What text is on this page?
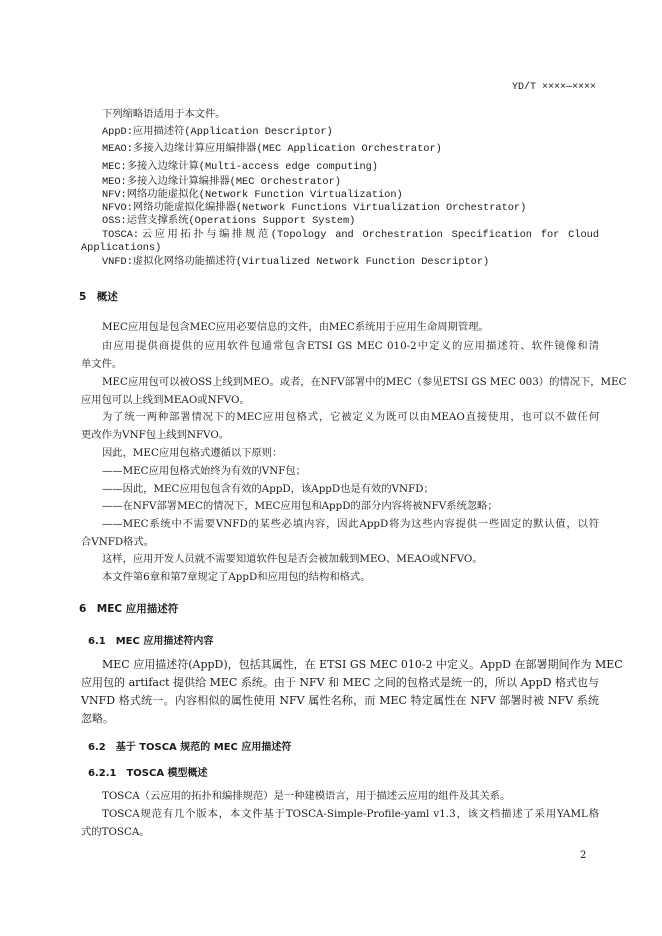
YD/T ××××—××××
下列缩略语适用于本文件。
AppD:应用描述符(Application Descriptor)
MEAO:多接入边缘计算应用编排器(MEC Application Orchestrator)
MEC:多接入边缘计算(Multi-access edge computing)
MEO:多接入边缘计算编排器(MEC Orchestrator)
NFV:网络功能虚拟化(Network Function Virtualization)
NFVO:网络功能虚拟化编排器(Network Functions Virtualization Orchestrator)
OSS:运营支撑系统(Operations Support System)
TOSCA:云应用拓扑与编排规范(Topology and Orchestration Specification for Cloud
Applications)
VNFD:虚拟化网络功能描述符(Virtualized Network Function Descriptor)
5　概述
MEC应用包是包含MEC应用必要信息的文件，由MEC系统用于应用生命周期管理。
由应用提供商提供的应用软件包通常包含ETSI GS MEC 010-2中定义的应用描述符、软件镜像和清
单文件。
MEC应用包可以被OSS上线到MEO。或者，在NFV部署中的MEC（参见ETSI GS MEC 003）的情况下，MEC
应用包可以上线到MEAO或NFVO。
为了统一两种部署情况下的MEC应用包格式，它被定义为既可以由MEAO直接使用，也可以不做任何
更改作为VNF包上线到NFVO。
因此，MEC应用包格式遵循以下原则：
——MEC应用包格式始终为有效的VNF包；
——因此，MEC应用包包含有效的AppD，该AppD也是有效的VNFD；
——在NFV部署MEC的情况下，MEC应用包和AppD的部分内容将被NFV系统忽略；
——MEC系统中不需要VNFD的某些必填内容，因此AppD将为这些内容提供一些固定的默认值，以符
合VNFD格式。
这样，应用开发人员就不需要知道软件包是否会被加载到MEO、MEAO或NFVO。
本文件第6章和第7章规定了AppD和应用包的结构和格式。
6　MEC 应用描述符
6.1　MEC 应用描述符内容
MEC 应用描述符(AppD)，包括其属性，在 ETSI GS MEC 010-2 中定义。AppD 在部署期间作为 MEC
应用包的 artifact 提供给 MEC 系统。由于 NFV 和 MEC 之间的包格式是统一的，所以 AppD 格式也与
VNFD 格式统一。内容相似的属性使用 NFV 属性名称，而 MEC 特定属性在 NFV 部署时被 NFV 系统
忽略。
6.2　基于 TOSCA 规范的 MEC 应用描述符
6.2.1　TOSCA 模型概述
TOSCA（云应用的拓扑和编排规范）是一种建模语言，用于描述云应用的组件及其关系。
TOSCA规范有几个版本，本文件基于TOSCA-Simple-Profile-yaml v1.3，该文档描述了采用YAML格
式的TOSCA。
2
